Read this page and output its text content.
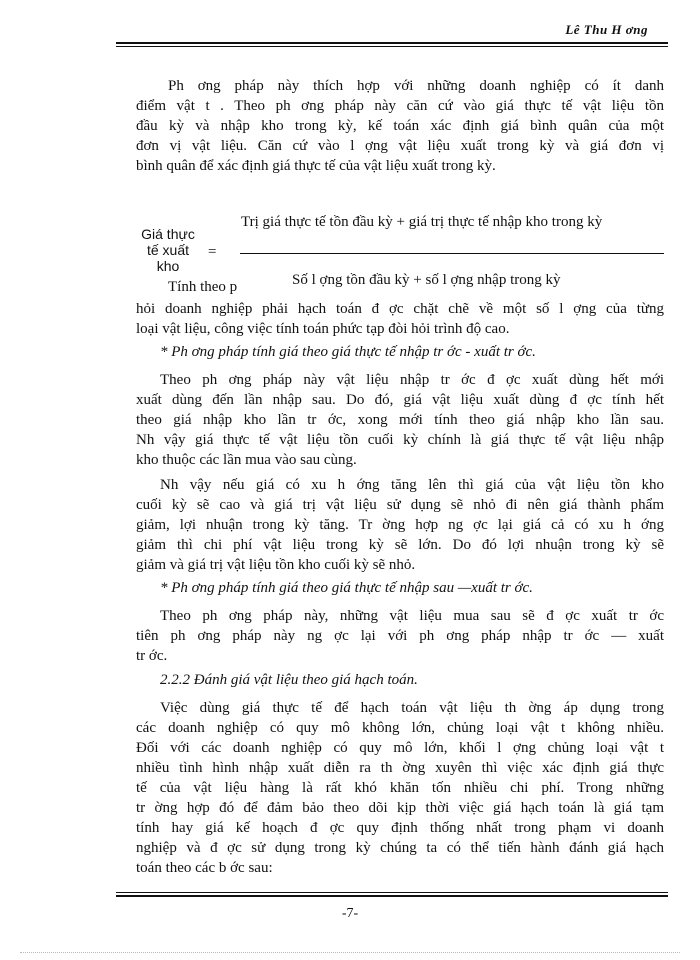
Lê Thu H ơng
Ph ơng pháp này thích hợp với những doanh nghiệp có ít danh
điểm vật t . Theo ph ơng pháp này căn cứ vào giá thực tế vật liệu tồn
đầu kỳ và nhập kho trong kỳ, kế toán xác định giá bình quân của một
đơn vị vật liệu. Căn cứ vào l ợng vật liệu xuất trong kỳ và giá đơn vị
bình quân để xác định giá thực tế của vật liệu xuất trong kỳ.
Giá thực
tế xuất
kho
=
Trị giá thực tế tồn đầu kỳ + giá trị thực tế nhập kho trong kỳ
Số l ợng tồn đầu kỳ + số l ợng nhập trong kỳ
Tính theo p
hỏi doanh nghiệp phải hạch toán đ ợc chặt chẽ về một số l ợng của từng
loại vật liệu, công việc tính toán phức tạp đòi hỏi trình độ cao.
* Ph ơng pháp tính giá theo giá thực tế nhập tr ớc - xuất tr ớc.
Theo ph ơng pháp này vật liệu nhập tr ớc đ ợc xuất dùng hết mới
xuất dùng đến lần nhập sau. Do đó, giá vật liệu xuất dùng đ ợc tính hết
theo giá nhập kho lần tr ớc, xong mới tính theo giá nhập kho lần sau.
Nh vậy giá thực tế vật liệu tồn cuối kỳ chính là giá thực tế vật liệu nhập
kho thuộc các lần mua vào sau cùng.
Nh vậy nếu giá có xu h ớng tăng lên thì giá của vật liệu tồn kho
cuối kỳ sẽ cao và giá trị vật liệu sử dụng sẽ nhỏ đi nên giá thành phẩm
giảm, lợi nhuận trong kỳ tăng. Tr ờng hợp ng ợc lại giá cả có xu h ớng
giảm thì chi phí vật liệu trong kỳ sẽ lớn. Do đó lợi nhuận trong kỳ sẽ
giảm và giá trị vật liệu tồn kho cuối kỳ sẽ nhỏ.
* Ph ơng pháp tính giá theo giá thực tế nhập sau —xuất tr ớc.
Theo ph ơng pháp này, những vật liệu mua sau sẽ đ ợc xuất tr ớc
tiên ph ơng pháp này ng ợc lại với ph ơng pháp nhập tr ớc — xuất
tr ớc.
2.2.2 Đánh giá vật liệu theo giá hạch toán.
Việc dùng giá thực tế để hạch toán vật liệu th ờng áp dụng trong
các doanh nghiệp có quy mô không lớn, chủng loại vật t không nhiều.
Đối với các doanh nghiệp có quy mô lớn, khối l ợng chủng loại vật t
nhiều tình hình nhập xuất diễn ra th ờng xuyên thì việc xác định giá thực
tế của vật liệu hàng là rất khó khăn tốn nhiều chi phí. Trong những
tr ờng hợp đó để đảm bảo theo dõi kịp thời việc giá hạch toán là giá tạm
tính hay giá kế hoạch đ ợc quy định thống nhất trong phạm vi doanh
nghiệp và đ ợc sử dụng trong kỳ chúng ta có thể tiến hành đánh giá hạch
toán theo các b ớc sau:
-7-
